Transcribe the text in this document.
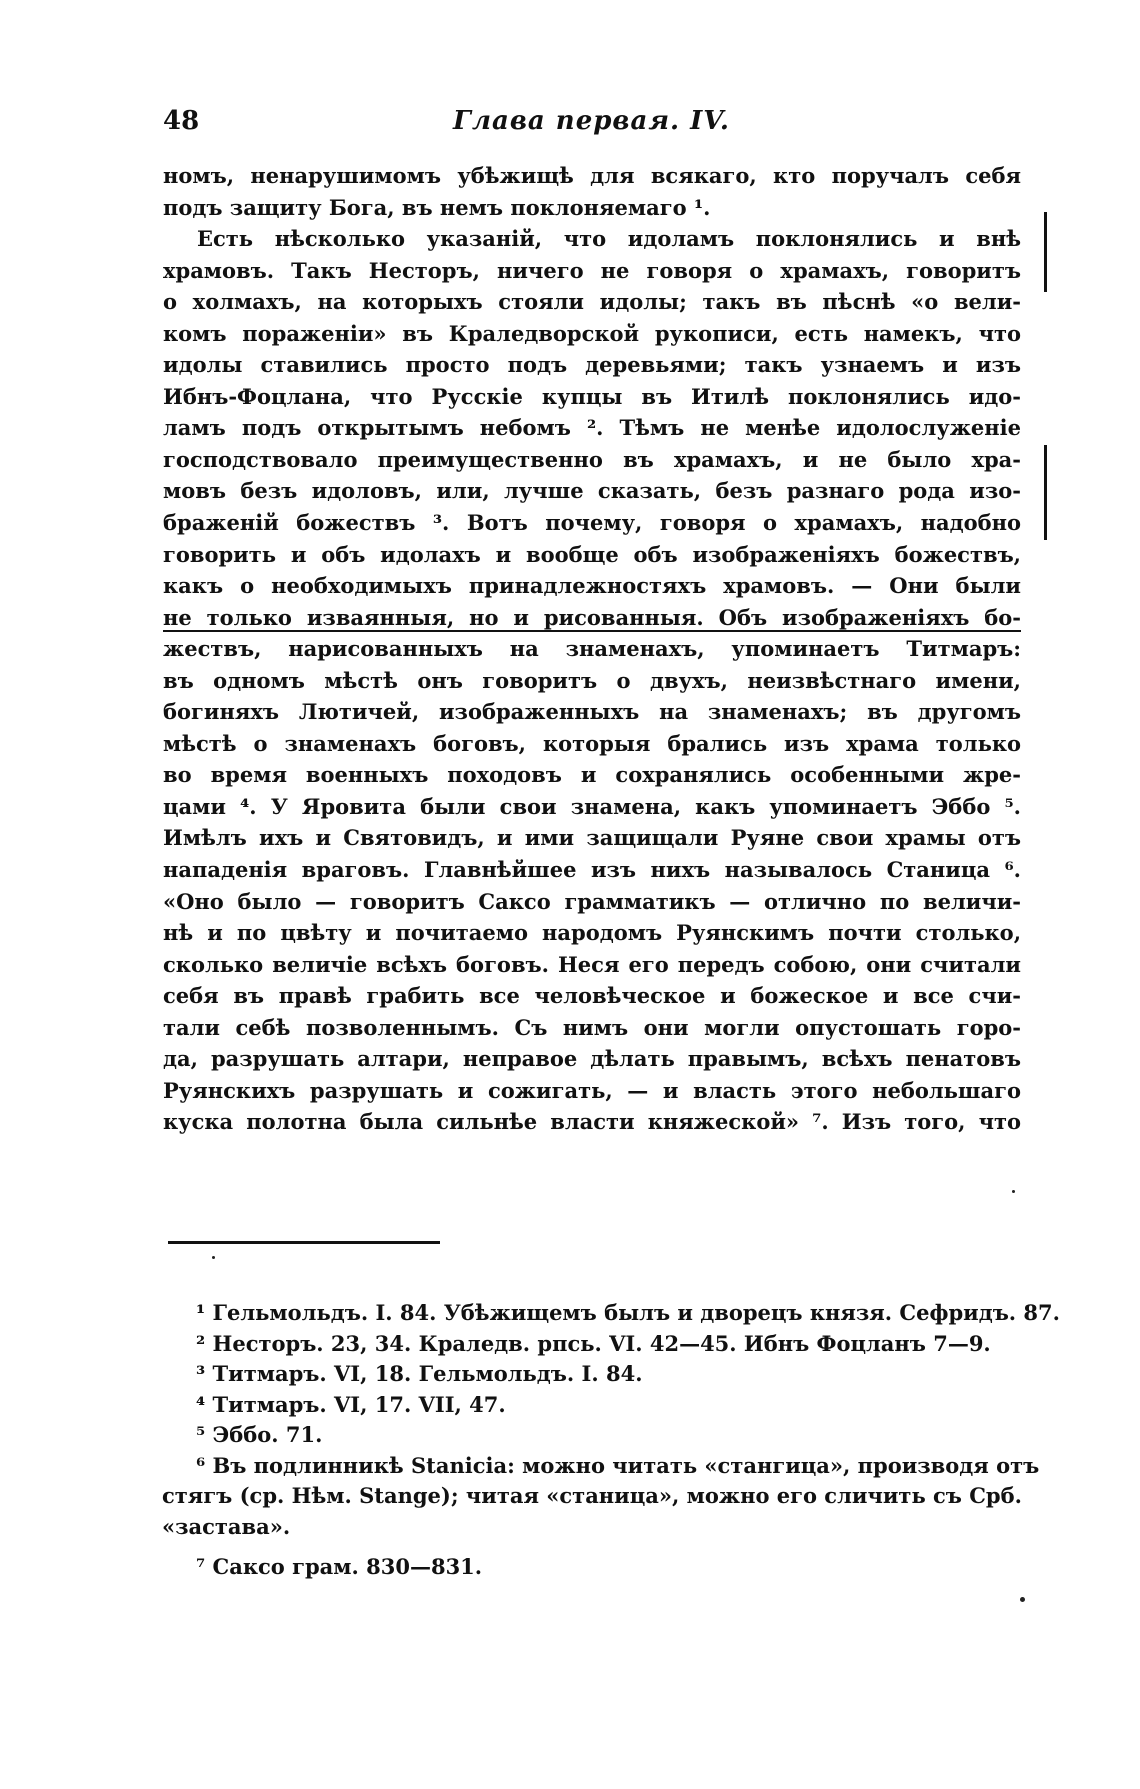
48	Глава первая. IV.
номъ, ненарушимомъ убѣжищѣ для всякаго, кто поручалъ себя
подъ защиту Бога, въ немъ поклоняемаго ¹.
Есть нѣсколько указаній, что идоламъ поклонялись и внѣ
храмовъ. Такъ Несторъ, ничего не говоря о храмахъ, говоритъ
о холмахъ, на которыхъ стояли идолы; такъ въ пѣснѣ «о вели-
комъ пораженіи» въ Краледворской рукописи, есть намекъ, что
идолы ставились просто подъ деревьями; такъ узнаемъ и изъ
Ибнъ-Фоцлана, что Русскіе купцы въ Итилѣ поклонялись идо-
ламъ подъ открытымъ небомъ ². Тѣмъ не менѣе идолослуженіе
господствовало преимущественно въ храмахъ, и не было хра-
мовъ безъ идоловъ, или, лучше сказать, безъ разнаго рода изо-
браженій божествъ ³. Вотъ почему, говоря о храмахъ, надобно
говорить и объ идолахъ и вообще объ изображеніяхъ божествъ,
какъ о необходимыхъ принадлежностяхъ храмовъ. — Они были
не только изваянныя, но и рисованныя. Объ изображеніяхъ бо-
жествъ, нарисованныхъ на знаменахъ, упоминаетъ Титмаръ:
въ одномъ мѣстѣ онъ говоритъ о двухъ, неизвѣстнаго имени,
богиняхъ Лютичей, изображенныхъ на знаменахъ; въ другомъ
мѣстѣ о знаменахъ боговъ, которыя брались изъ храма только
во время военныхъ походовъ и сохранялись особенными жре-
цами ⁴. У Яровита были свои знамена, какъ упоминаетъ Эббо ⁵.
Имѣлъ ихъ и Святовидъ, и ими защищали Руяне свои храмы отъ
нападенія враговъ. Главнѣйшее изъ нихъ называлось Станица ⁶.
«Оно было — говоритъ Саксо грамматикъ — отлично по величи-
нѣ и по цвѣту и почитаемо народомъ Руянскимъ почти столько,
сколько величіе всѣхъ боговъ. Неся его передъ собою, они считали
себя въ правѣ грабить все человѣческое и божеское и все счи-
тали себѣ позволеннымъ. Съ нимъ они могли опустошать горо-
да, разрушать алтари, неправое дѣлать правымъ, всѣхъ пенатовъ
Руянскихъ разрушать и сожигать, — и власть этого небольшаго
куска полотна была сильнѣе власти княжеской» ⁷. Изъ того, что
¹ Гельмольдъ. I. 84. Убѣжищемъ былъ и дворецъ князя. Сефридъ. 87.
² Несторъ. 23, 34. Краледв. рпсь. VI. 42—45. Ибнъ Фоцланъ 7—9.
³ Титмаръ. VI, 18. Гельмольдъ. I. 84.
⁴ Титмаръ. VI, 17. VII, 47.
⁵ Эббо. 71.
⁶ Въ подлинникѣ Stanicia: можно читать «стангица», производя отъ
стягъ (ср. Нѣм. Stange); читая «станица», можно его сличить съ Срб.
«застава».
⁷ Саксо грам. 830—831.
